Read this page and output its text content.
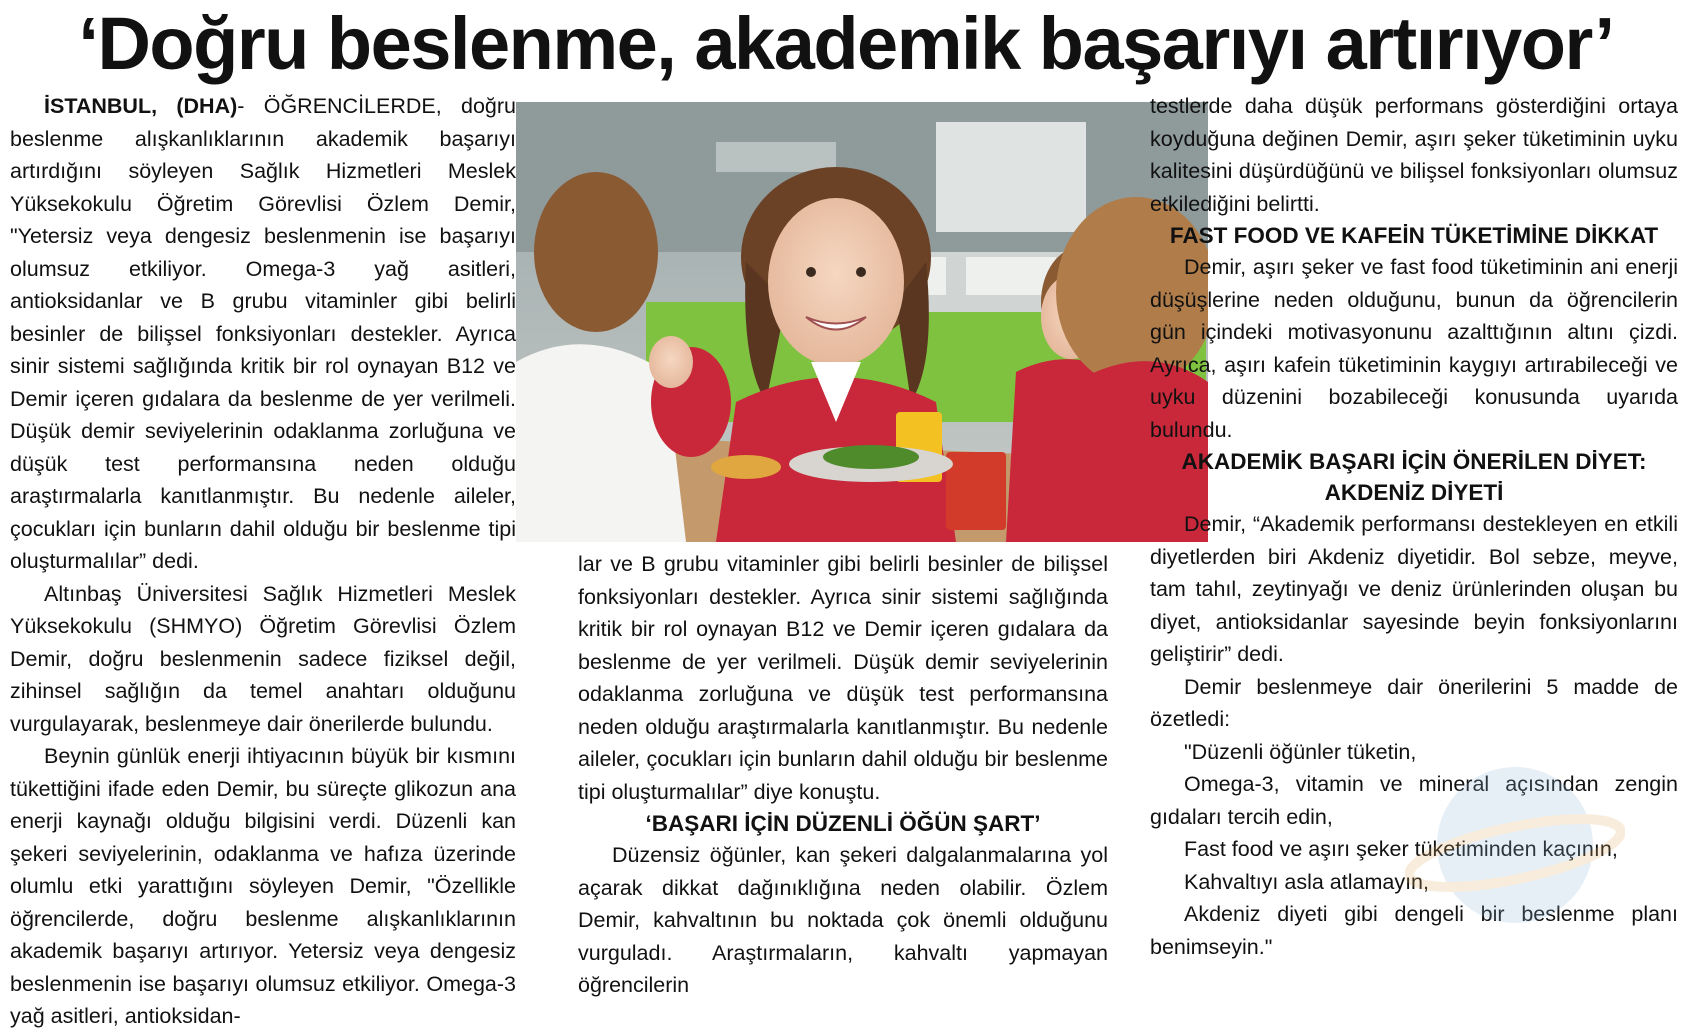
‘Doğru beslenme, akademik başarıyı artırıyor’

İSTANBUL, (DHA)- ÖĞRENCİLERDE, doğru beslenme alışkanlıklarının akademik başarıyı artırdığını söyleyen Sağlık Hizmetleri Meslek Yüksekokulu Öğretim Görevlisi Özlem Demir, "Yetersiz veya dengesiz beslenmenin ise başarıyı olumsuz etkiliyor. Omega-3 yağ asitleri, antioksidanlar ve B grubu vitaminler gibi belirli besinler de bilişsel fonksiyonları destekler. Ayrıca sinir sistemi sağlığında kritik bir rol oynayan B12 ve Demir içeren gıdalara da beslenme de yer verilmeli. Düşük demir seviyelerinin odaklanma zorluğuna ve düşük test performansına neden olduğu araştırmalarla kanıtlanmıştır. Bu nedenle aileler, çocukları için bunların dahil olduğu bir beslenme tipi oluşturmalılar” dedi.

Altınbaş Üniversitesi Sağlık Hizmetleri Meslek Yüksekokulu (SHMYO) Öğretim Görevlisi Özlem Demir, doğru beslenmenin sadece fiziksel değil, zihinsel sağlığın da temel anahtarı olduğunu vurgulayarak, beslenmeye dair önerilerde bulundu.

Beynin günlük enerji ihtiyacının büyük bir kısmını tükettiğini ifade eden Demir, bu süreçte glikozun ana enerji kaynağı olduğu bilgisini verdi. Düzenli kan şekeri seviyelerinin, odaklanma ve hafıza üzerinde olumlu etki yarattığını söyleyen Demir, "Özellikle öğrencilerde, doğru beslenme alışkanlıklarının akademik başarıyı artırıyor. Yetersiz veya dengesiz beslenmenin ise başarıyı olumsuz etkiliyor. Omega-3 yağ asitleri, antioksidan-

lar ve B grubu vitaminler gibi belirli besinler de bilişsel fonksiyonları destekler. Ayrıca sinir sistemi sağlığında kritik bir rol oynayan B12 ve Demir içeren gıdalara da beslenme de yer verilmeli. Düşük demir seviyelerinin odaklanma zorluğuna ve düşük test performansına neden olduğu araştırmalarla kanıtlanmıştır. Bu nedenle aileler, çocukları için bunların dahil olduğu bir beslenme tipi oluşturmalılar” diye konuştu.

‘BAŞARI İÇİN DÜZENLİ ÖĞÜN ŞART’

Düzensiz öğünler, kan şekeri dalgalanmalarına yol açarak dikkat dağınıklığına neden olabilir. Özlem Demir, kahvaltının bu noktada çok önemli olduğunu vurguladı. Araştırmaların, kahvaltı yapmayan öğrencilerin

testlerde daha düşük performans gösterdiğini ortaya koyduğuna değinen Demir, aşırı şeker tüketiminin uyku kalitesini düşürdüğünü ve bilişsel fonksiyonları olumsuz etkilediğini belirtti.

FAST FOOD VE KAFEİN TÜKETİMİNE DİKKAT

Demir, aşırı şeker ve fast food tüketiminin ani enerji düşüşlerine neden olduğunu, bunun da öğrencilerin gün içindeki motivasyonunu azalttığının altını çizdi. Ayrıca, aşırı kafein tüketiminin kaygıyı artırabileceği ve uyku düzenini bozabileceği konusunda uyarıda bulundu.

AKADEMİK BAŞARI İÇİN ÖNERİLEN DİYET: AKDENİZ DİYETİ

Demir, “Akademik performansı destekleyen en etkili diyetlerden biri Akdeniz diyetidir. Bol sebze, meyve, tam tahıl, zeytinyağı ve deniz ürünlerinden oluşan bu diyet, antioksidanlar sayesinde beyin fonksiyonlarını geliştirir” dedi.

Demir beslenmeye dair önerilerini 5 madde de özetledi:

"Düzenli öğünler tüketin,

Omega-3, vitamin ve mineral açısından zengin gıdaları tercih edin,

Fast food ve aşırı şeker tüketiminden kaçının,

Kahvaltıyı asla atlamayın,

Akdeniz diyeti gibi dengeli bir beslenme planı benimseyin."
